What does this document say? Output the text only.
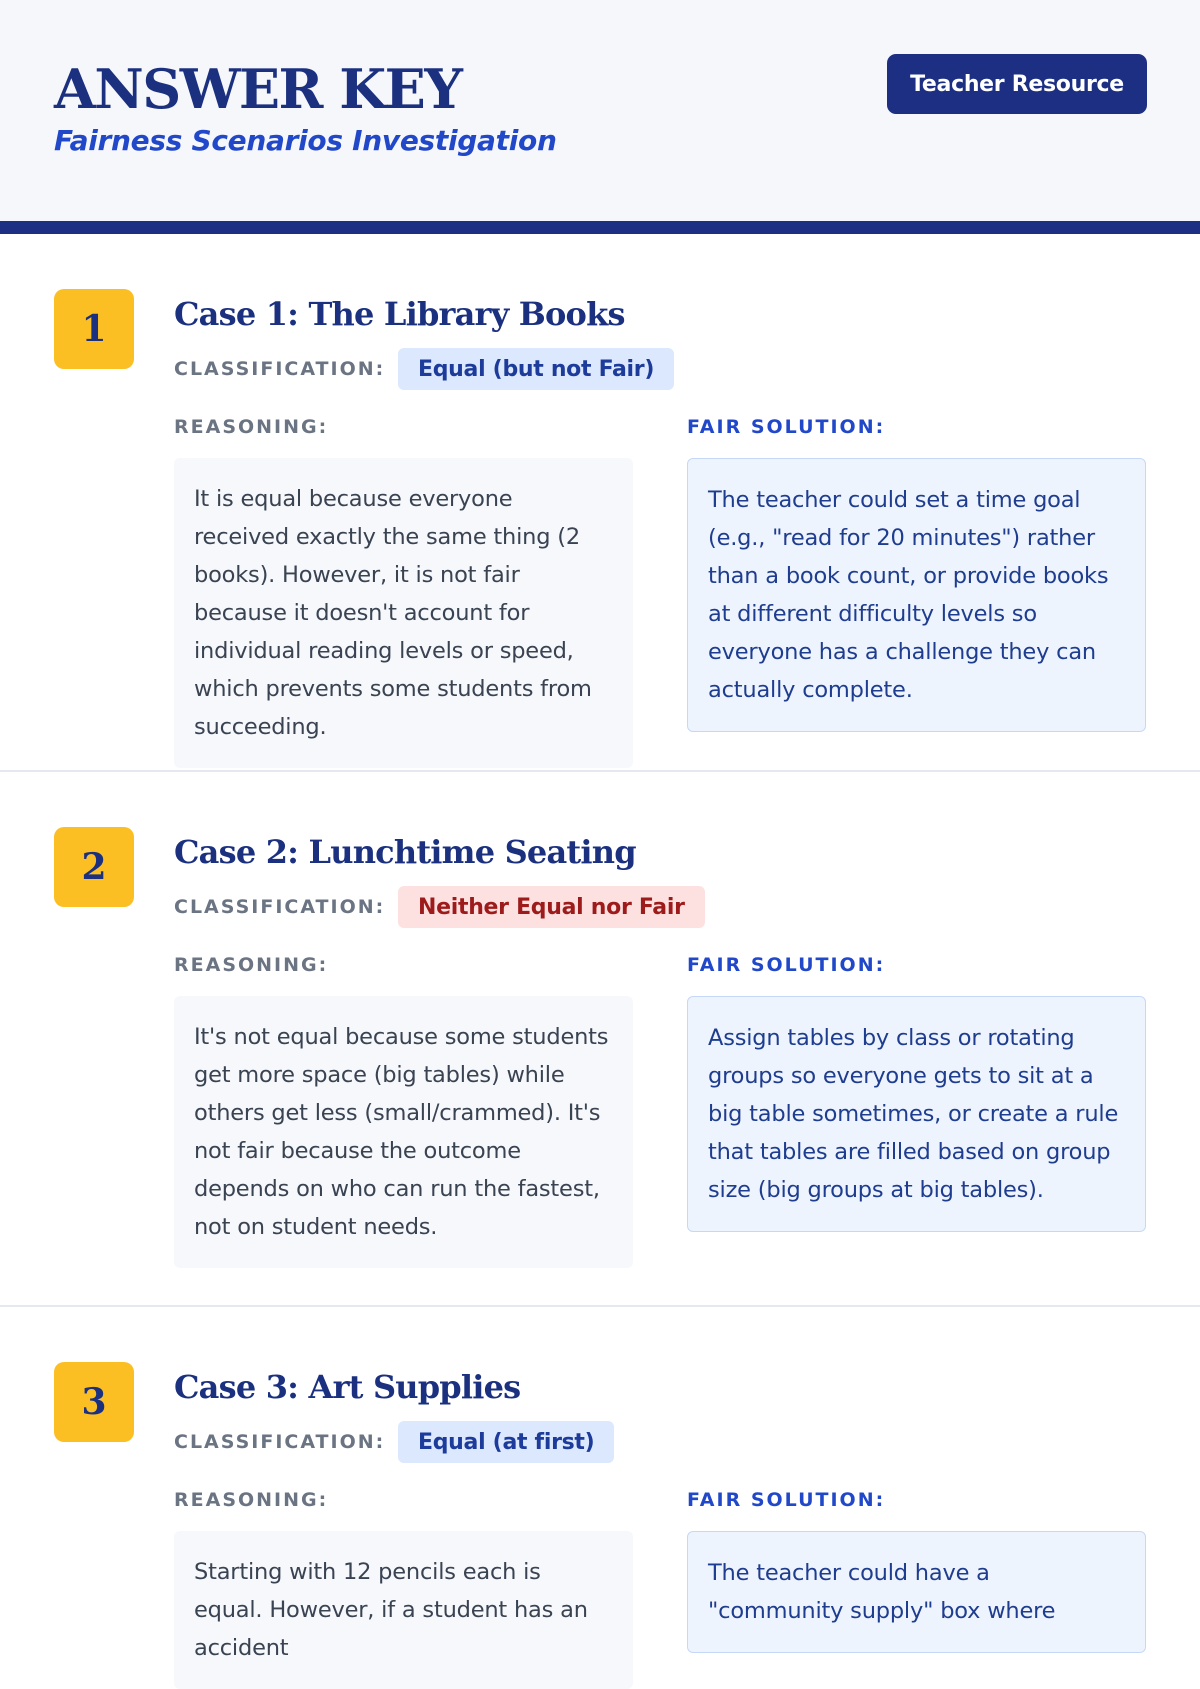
ANSWER KEY
Fairness Scenarios Investigation
Teacher Resource
1	Case 1: The Library Books
CLASSIFICATION:	Equal (but not Fair)
REASONING:
It is equal because everyone received exactly the same thing (2 books). However, it is not fair because it doesn't account for individual reading levels or speed, which prevents some students from succeeding.
FAIR SOLUTION:
The teacher could set a time goal (e.g., "read for 20 minutes") rather than a book count, or provide books at different difficulty levels so everyone has a challenge they can actually complete.
2	Case 2: Lunchtime Seating
CLASSIFICATION:	Neither Equal nor Fair
REASONING:
It's not equal because some students get more space (big tables) while others get less (small/crammed). It's not fair because the outcome depends on who can run the fastest, not on student needs.
FAIR SOLUTION:
Assign tables by class or rotating groups so everyone gets to sit at a big table sometimes, or create a rule that tables are filled based on group size (big groups at big tables).
3	Case 3: Art Supplies
CLASSIFICATION:	Equal (at first)
REASONING:
Starting with 12 pencils each is equal. However, if a student has an accident
FAIR SOLUTION:
The teacher could have a "community supply" box where
